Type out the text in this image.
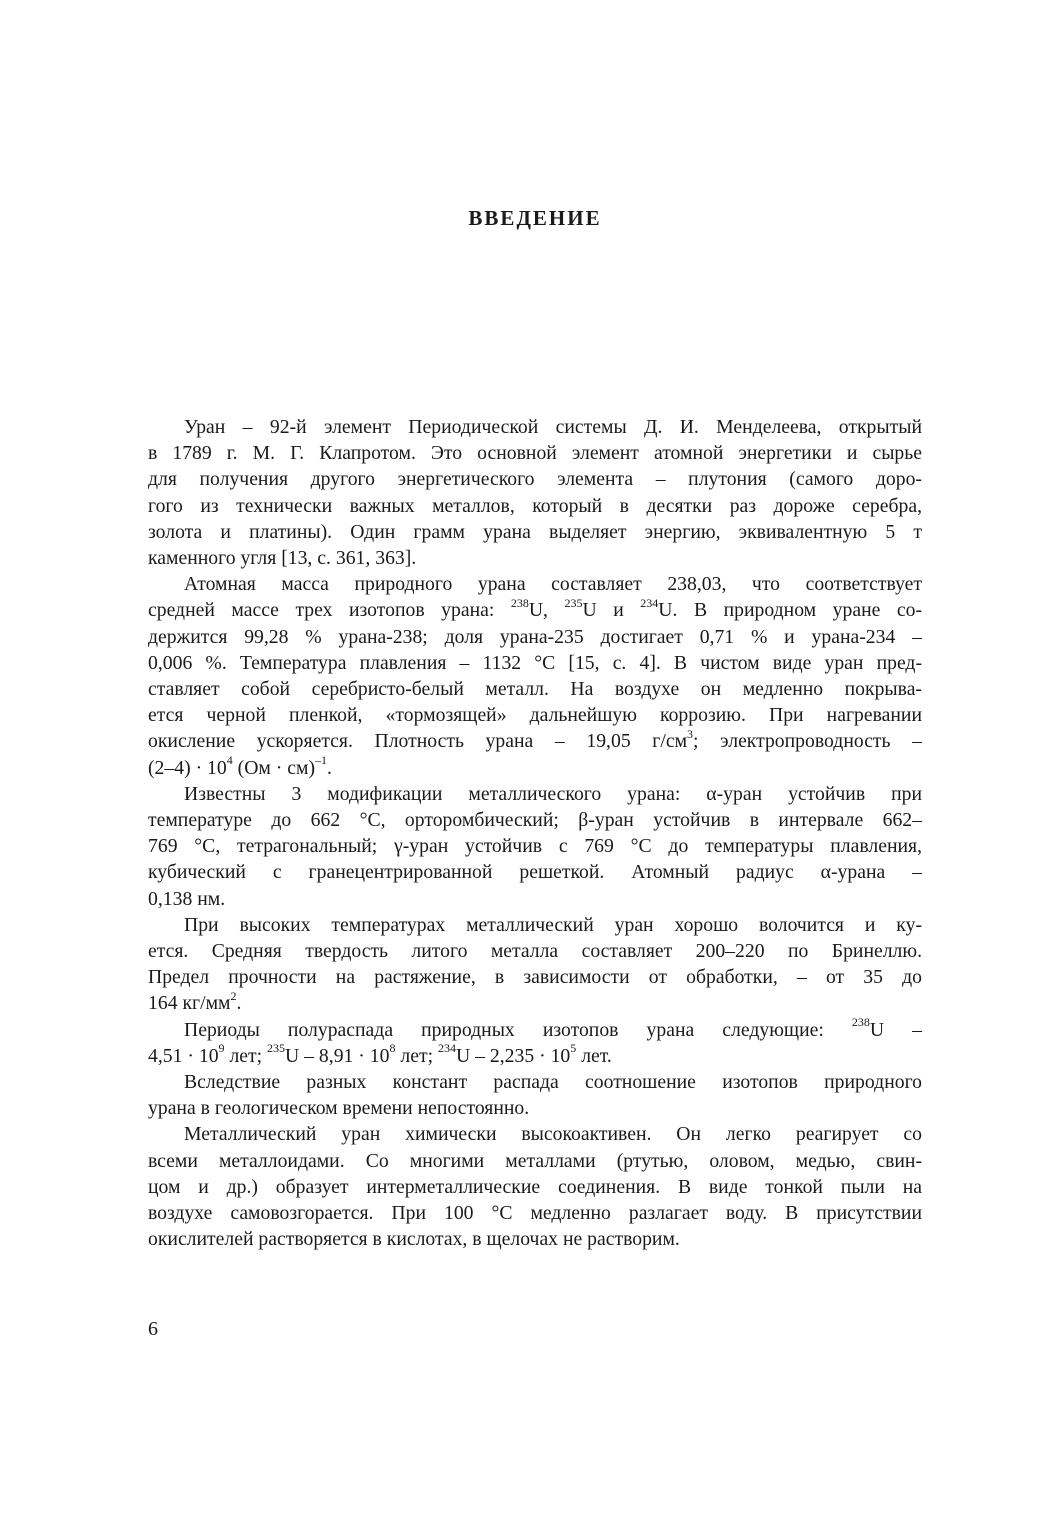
ВВЕДЕНИЕ
Уран – 92-й элемент Периодической системы Д. И. Менделеева, открытый
в 1789 г. М. Г. Клапротом. Это основной элемент атомной энергетики и сырье
для получения другого энергетического элемента – плутония (самого доро-
гого из технически важных металлов, который в десятки раз дороже серебра,
золота и платины). Один грамм урана выделяет энергию, эквивалентную 5 т
каменного угля [13, с. 361, 363].
Атомная масса природного урана составляет 238,03, что соответствует
средней массе трех изотопов урана: $^{238}$U, $^{235}$U и $^{234}$U. В природном уране со-
держится 99,28 % урана-238; доля урана-235 достигает 0,71 % и урана-234 –
0,006 %. Температура плавления – 1132 °С [15, с. 4]. В чистом виде уран пред-
ставляет собой серебристо-белый металл. На воздухе он медленно покрыва-
ется черной пленкой, «тормозящей» дальнейшую коррозию. При нагревании
окисление ускоряется. Плотность урана – 19,05 $г/см^3$; электропроводность –
$(2-4) \cdot 10^4$ (Ом · см)$^{-1}$.
Известны 3 модификации металлического урана: α-уран устойчив при
температуре до 662 °С, орторомбический; β-уран устойчив в интервале 662–
769 °С, тетрагональный; γ-уран устойчив с 769 °С до температуры плавления,
кубический с гранецентрированной решеткой. Атомный радиус α-урана –
0,138 нм.
При высоких температурах металлический уран хорошо волочится и ку-
ется. Средняя твердость литого металла составляет 200–220 по Бринеллю.
Предел прочности на растяжение, в зависимости от обработки, – от 35 до
164 $кг/мм^2$.
Периоды полураспада природных изотопов урана следующие: $^{238}$U –
$4,51 \cdot 10^9$ лет; $^{235}U - 8,91 \cdot 10^8$ лет; $^{234}U - 2,235 \cdot 10^5$ лет.
Вследствие разных констант распада соотношение изотопов природного
урана в геологическом времени непостоянно.
Металлический уран химически высокоактивен. Он легко реагирует со
всеми металлоидами. Со многими металлами (ртутью, оловом, медью, свин-
цом и др.) образует интерметаллические соединения. В виде тонкой пыли на
воздухе самовозгорается. При 100 °С медленно разлагает воду. В присутствии
окислителей растворяется в кислотах, в щелочах не растворим.
6
